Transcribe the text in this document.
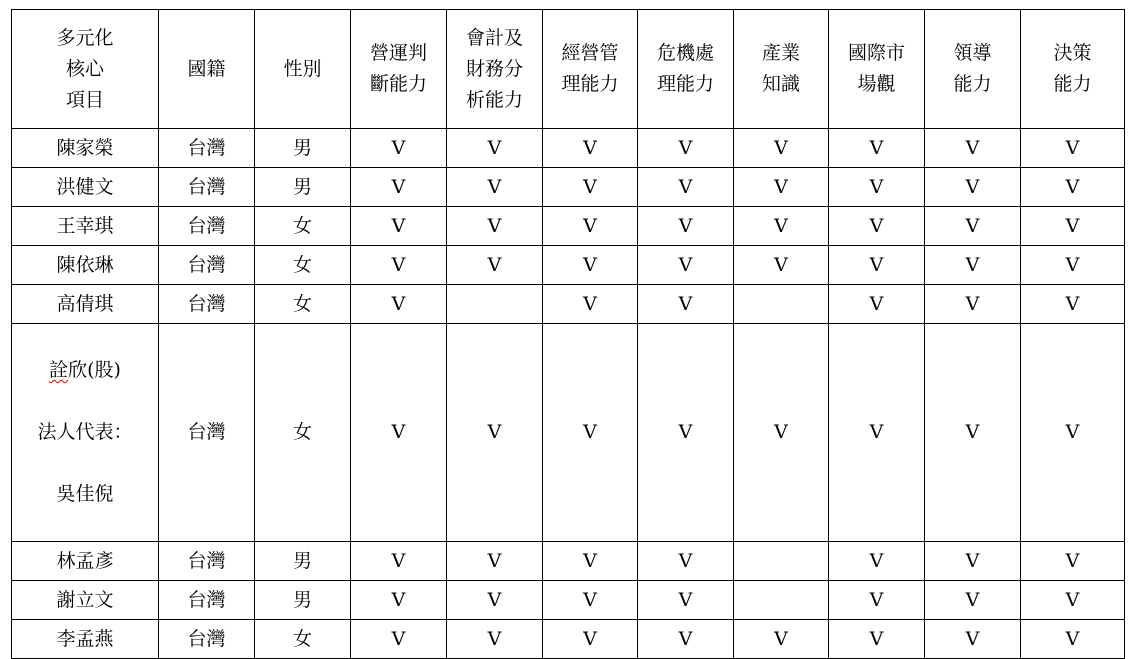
多元化
核心
項目	國籍	性別	營運判
斷能力	會計及
財務分
析能力	經營管
理能力	危機處
理能力	產業
知識	國際市
場觀	領導
能力	決策
能力
陳家榮	台灣	男	V	V	V	V	V	V	V	V
洪健文	台灣	男	V	V	V	V	V	V	V	V
王幸琪	台灣	女	V	V	V	V	V	V	V	V
陳依琳	台灣	女	V	V	V	V	V	V	V	V
高倩琪	台灣	女	V		V	V		V	V	V

詮欣(股)

法人代表：

吳佳倪	台灣	女	V	V	V	V	V	V	V	V
林孟彥	台灣	男	V	V	V	V		V	V	V
謝立文	台灣	男	V	V	V	V		V	V	V
李孟燕	台灣	女	V	V	V	V	V	V	V	V
